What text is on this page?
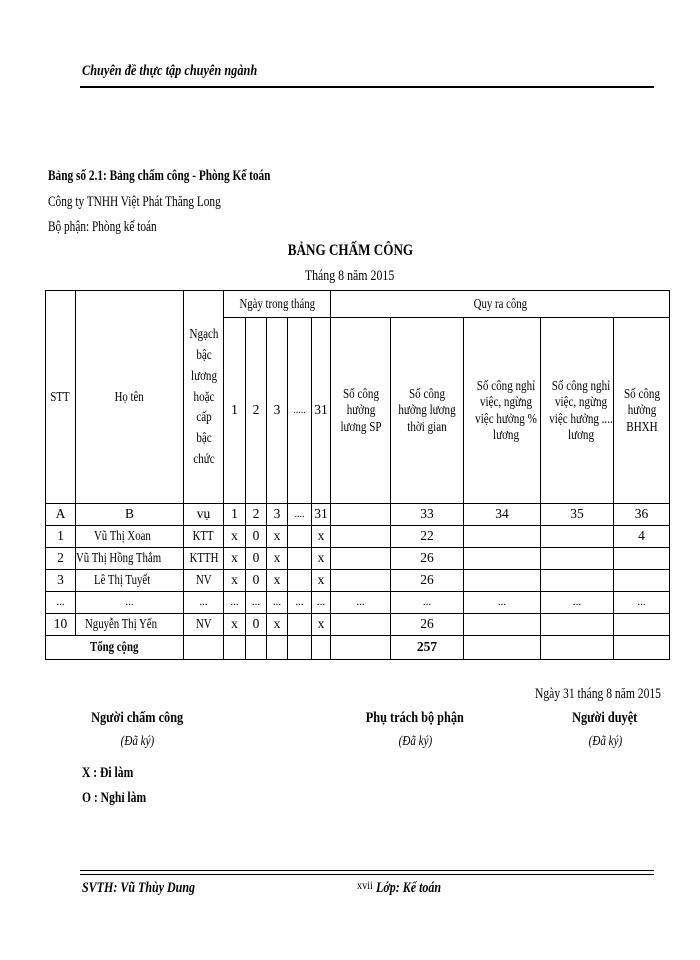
Chuyên đề thực tập chuyên ngành
Bảng số 2.1: Bảng chấm công - Phòng Kế toán
Công ty TNHH Việt Phát Thăng Long
Bộ phận: Phòng kế toán
BẢNG CHẤM CÔNG
Tháng 8 năm 2015
STT	Họ tên	Ngạch bậc lương hoặc cấp bậc chức	Ngày trong tháng					Quy ra công				
			1	2	3	.....	31	Số công hưởng lương SP	Số công hưởng lương thời gian	Số công nghỉ việc, ngừng việc hưởng % lương	Số công nghỉ việc, ngừng việc hưởng .... lương	Số công hưởng BHXH
A	B	vụ	1	2	3	....	31		33	34	35	36
1	Vũ Thị Xoan	KTT	x	0	x		x		22			4
2	Vũ Thị Hồng Thắm	KTTH	x	0	x		x		26			
3	Lê Thị Tuyết	NV	x	0	x		x		26			
...	...	...	...	...	...	...	...	...	...	...	...	...
10	Nguyễn Thị Yến	NV	x	0	x		x		26			
Tổng cộng									257			
Ngày 31 tháng 8 năm 2015
Người chấm công
(Đã ký)
Phụ trách bộ phận
(Đã ký)
Người duyệt
(Đã ký)
X : Đi làm
O : Nghỉ làm
SVTH: Vũ Thùy Dung	xvii Lớp: Kế toán
